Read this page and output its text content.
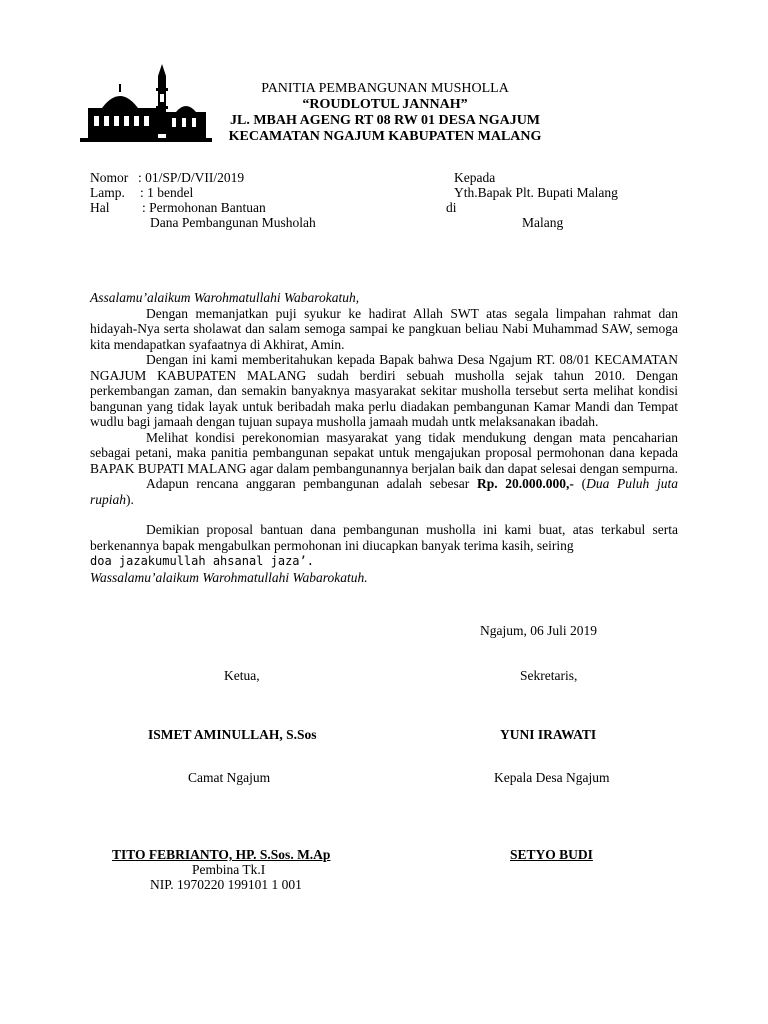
PANITIA PEMBANGUNAN MUSHOLLA
“ROUDLOTUL JANNAH”
JL. MBAH AGENG RT 08 RW 01 DESA NGAJUM
KECAMATAN NGAJUM KABUPATEN MALANG
Nomor : 01/SP/D/VII/2019
Lamp. : 1 bendel
Hal : Permohonan Bantuan
Dana Pembangunan Musholah
Kepada
Yth.Bapak Plt. Bupati Malang
di
Malang

Assalamu’alaikum Warohmatullahi Wabarokatuh,

Dengan memanjatkan puji syukur ke hadirat Allah SWT atas segala limpahan rahmat dan hidayah-Nya serta sholawat dan salam semoga sampai ke pangkuan beliau Nabi Muhammad SAW, semoga kita mendapatkan syafaatnya di Akhirat, Amin.

Dengan ini kami memberitahukan kepada Bapak bahwa Desa Ngajum RT. 08/01 KECAMATAN NGAJUM KABUPATEN MALANG sudah berdiri sebuah musholla sejak tahun 2010. Dengan perkembangan zaman, dan semakin banyaknya masyarakat sekitar musholla tersebut serta melihat kondisi bangunan yang tidak layak untuk beribadah maka perlu diadakan pembangunan Kamar Mandi dan Tempat wudlu bagi jamaah dengan tujuan supaya musholla jamaah mudah untk melaksanakan ibadah.

Melihat kondisi perekonomian masyarakat yang tidak mendukung dengan mata pencaharian sebagai petani, maka panitia pembangunan sepakat untuk mengajukan proposal permohonan dana kepada BAPAK BUPATI MALANG agar dalam pembangunannya berjalan baik dan dapat selesai dengan sempurna.

Adapun rencana anggaran pembangunan adalah sebesar Rp. 20.000.000,- (Dua Puluh juta rupiah).

Demikian proposal bantuan dana pembangunan musholla ini kami buat, atas terkabul serta berkenannya bapak mengabulkan permohonan ini diucapkan banyak terima kasih, seiring
doa jazakumullah ahsanal jaza’.

Wassalamu’alaikum Warohmatullahi Wabarokatuh.

Ngajum, 06 Juli 2019
Ketua,	Sekretaris,
ISMET AMINULLAH, S.Sos	YUNI IRAWATI
Camat Ngajum	Kepala Desa Ngajum
TITO FEBRIANTO, HP. S.Sos. M.Ap	SETYO BUDI
Pembina Tk.I
NIP. 1970220 199101 1 001
